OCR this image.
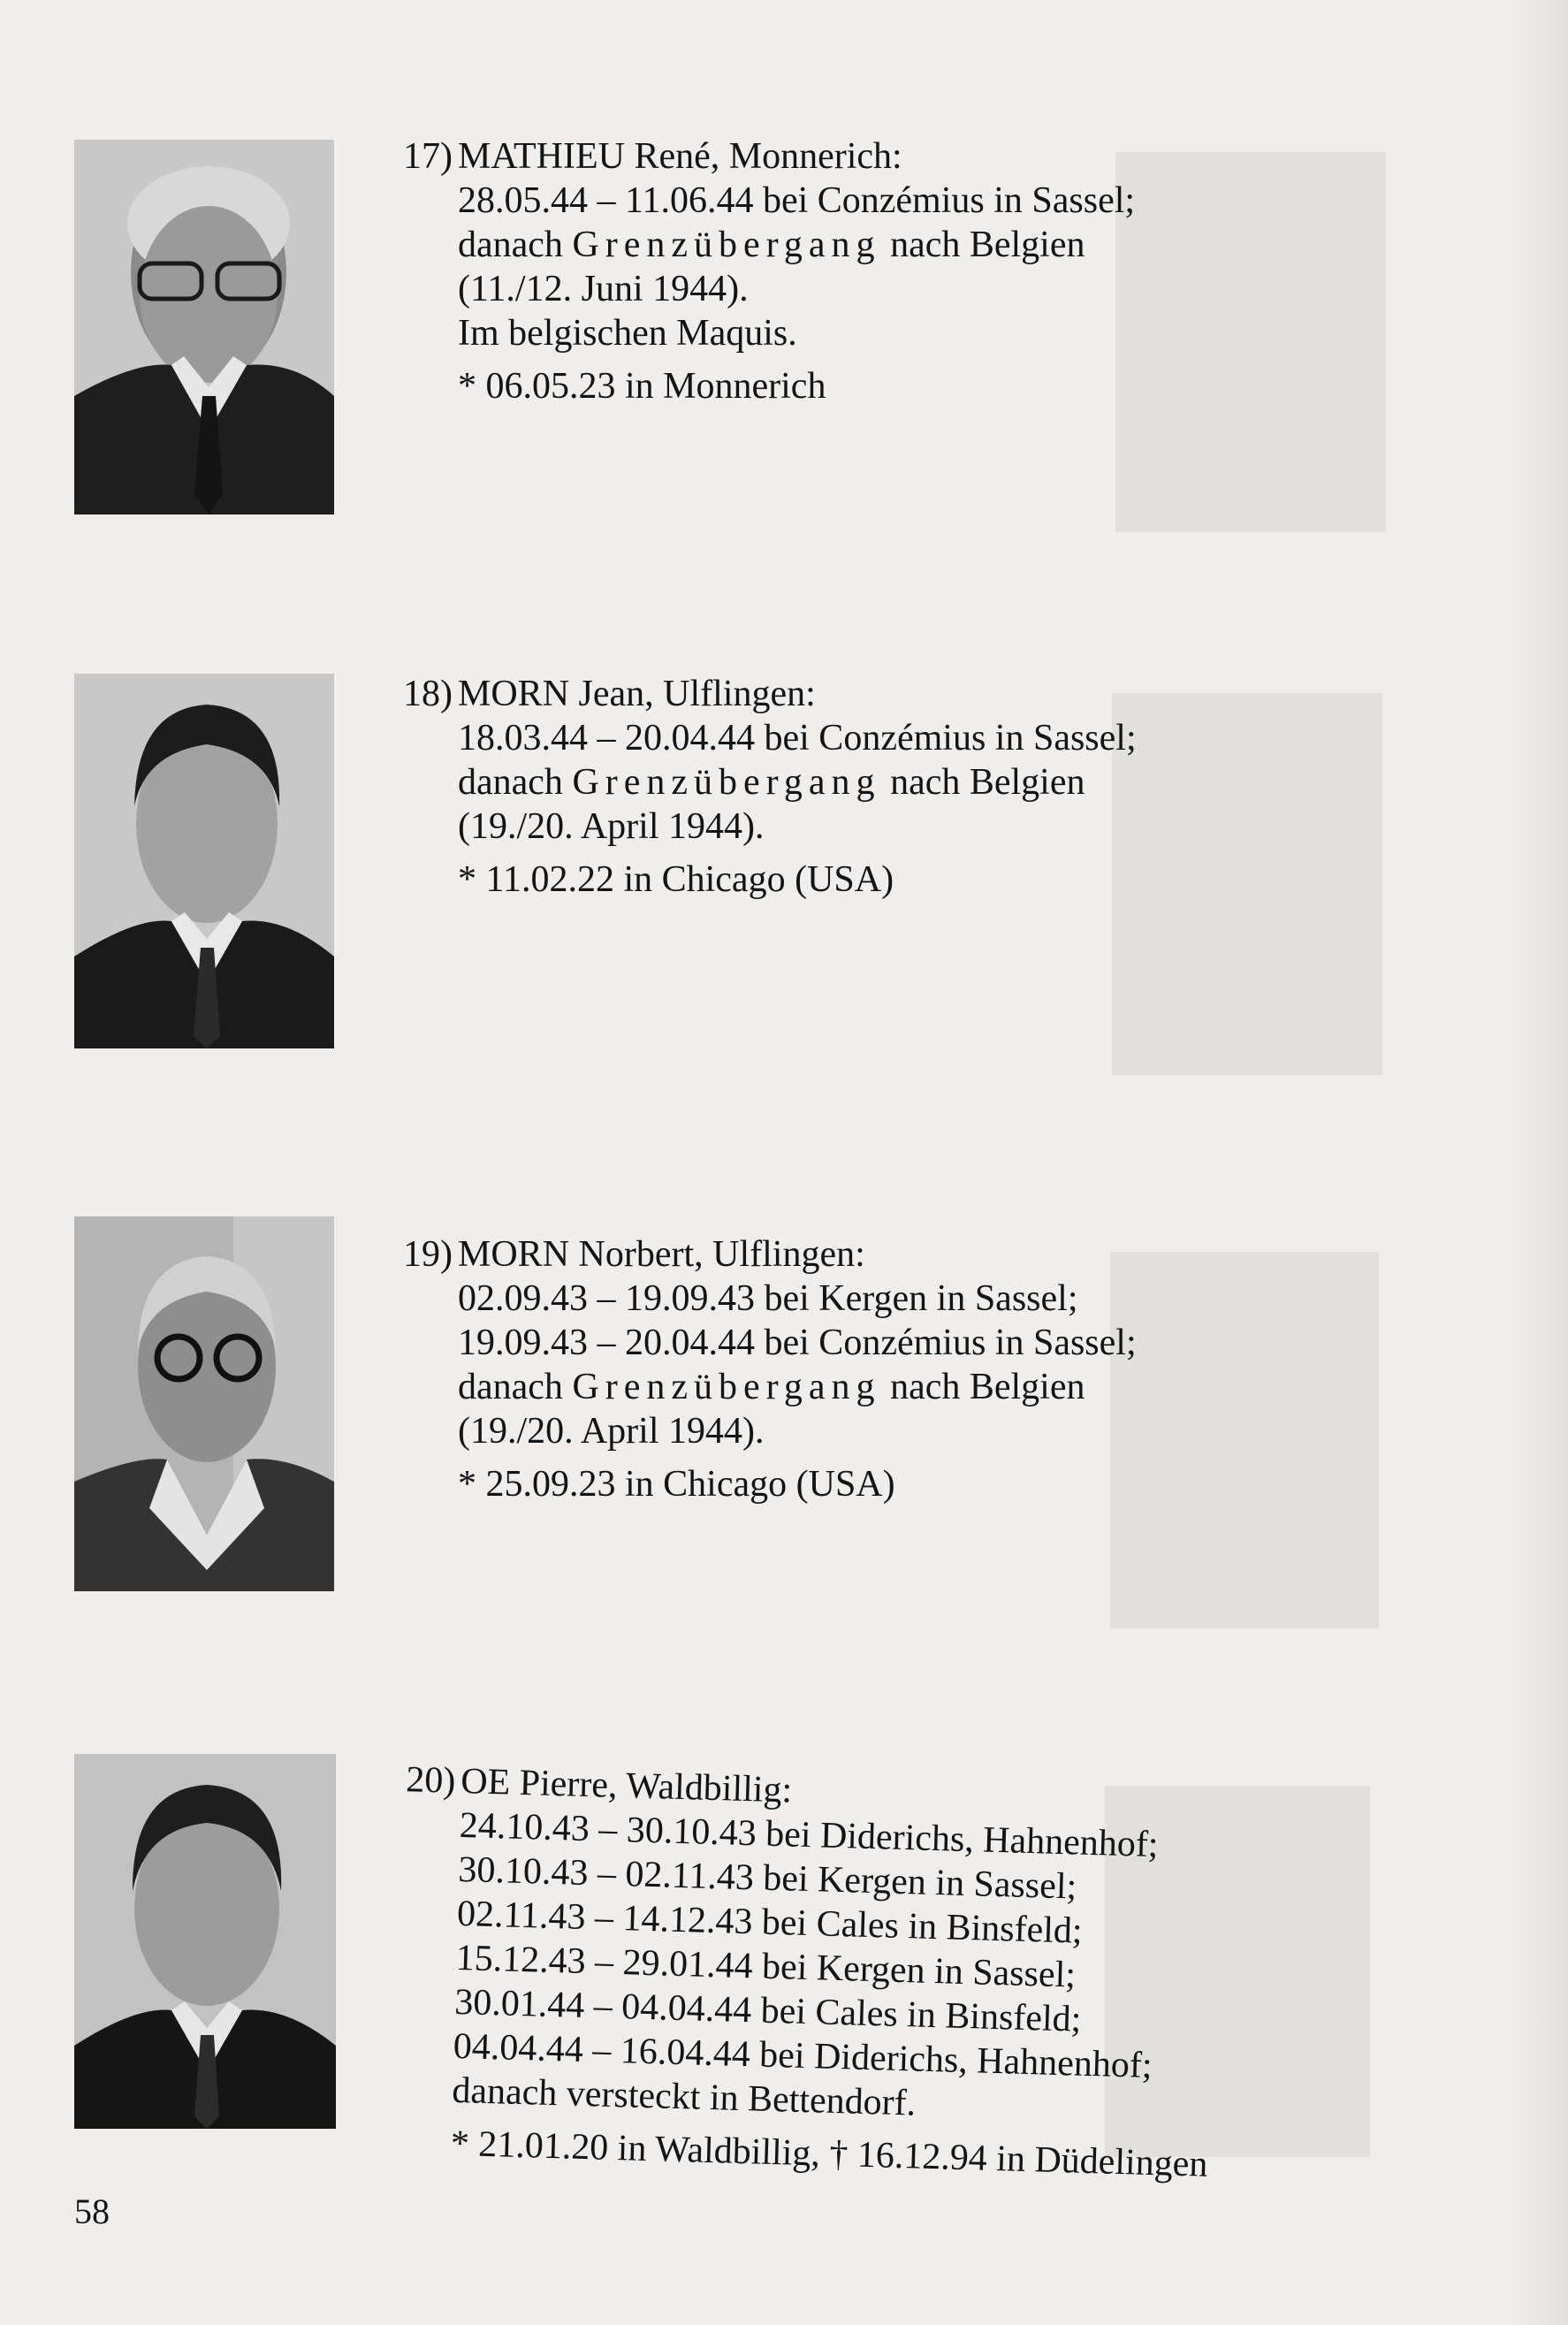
17) MATHIEU René, Monnerich:
28.05.44 – 11.06.44 bei Conzémius in Sassel;
danach Grenzübergang nach Belgien
(11./12. Juni 1944).
Im belgischen Maquis.
* 06.05.23 in Monnerich
18) MORN Jean, Ulflingen:
18.03.44 – 20.04.44 bei Conzémius in Sassel;
danach Grenzübergang nach Belgien
(19./20. April 1944).
* 11.02.22 in Chicago (USA)
19) MORN Norbert, Ulflingen:
02.09.43 – 19.09.43 bei Kergen in Sassel;
19.09.43 – 20.04.44 bei Conzémius in Sassel;
danach Grenzübergang nach Belgien
(19./20. April 1944).
* 25.09.23 in Chicago (USA)
20) OE Pierre, Waldbillig:
24.10.43 – 30.10.43 bei Diderichs, Hahnenhof;
30.10.43 – 02.11.43 bei Kergen in Sassel;
02.11.43 – 14.12.43 bei Cales in Binsfeld;
15.12.43 – 29.01.44 bei Kergen in Sassel;
30.01.44 – 04.04.44 bei Cales in Binsfeld;
04.04.44 – 16.04.44 bei Diderichs, Hahnenhof;
danach versteckt in Bettendorf.
* 21.01.20 in Waldbillig, † 16.12.94 in Düdelingen
58
